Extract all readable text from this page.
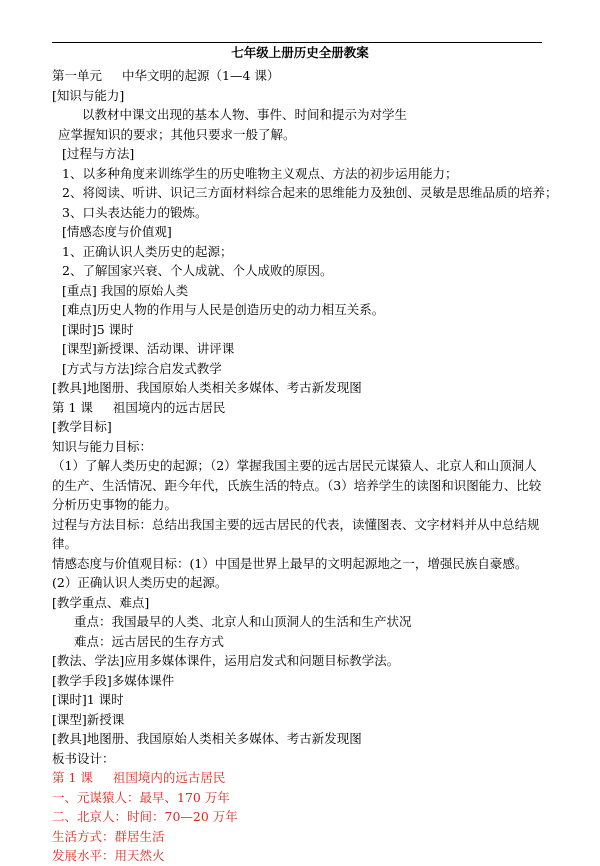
七年级上册历史全册教案
第一单元 中华文明的起源（1—4 课）
[知识与能力]
以教材中课文出现的基本人物、事件、时间和提示为对学生
应掌握知识的要求；其他只要求一般了解。
[过程与方法]
1、以多种角度来训练学生的历史唯物主义观点、方法的初步运用能力；
2、将阅读、听讲、识记三方面材料综合起来的思维能力及独创、灵敏是思维品质的培养；
3、口头表达能力的锻炼。
[情感态度与价值观]
1、正确认识人类历史的起源；
2、了解国家兴衰、个人成就、个人成败的原因。
[重点] 我国的原始人类
[难点]历史人物的作用与人民是创造历史的动力相互关系。
[课时]5 课时
[课型]新授课、活动课、讲评课
[方式与方法]综合启发式教学
[教具]地图册、我国原始人类相关多媒体、考古新发现图
第 1 课 祖国境内的远古居民
[教学目标]
知识与能力目标：
（1）了解人类历史的起源；（2）掌握我国主要的远古居民元谋猿人、北京人和山顶洞人的生产、生活情况、距今年代，氏族生活的特点。（3）培养学生的读图和识图能力、比较分析历史事物的能力。
过程与方法目标：总结出我国主要的远古居民的代表，读懂图表、文字材料并从中总结规律。
情感态度与价值观目标：(1）中国是世界上最早的文明起源地之一，增强民族自豪感。(2）正确认识人类历史的起源。
[教学重点、难点]
重点：我国最早的人类、北京人和山顶洞人的生活和生产状况
难点：远古居民的生存方式
[教法、学法]应用多媒体课件，运用启发式和问题目标教学法。
[教学手段]多媒体课件
[课时]1 课时
[课型]新授课
[教具]地图册、我国原始人类相关多媒体、考古新发现图
板书设计：
第 1 课 祖国境内的远古居民
一、元谋猿人：最早、170 万年
二、北京人：时间：70—20 万年
生活方式：群居生活
发展水平：用天然火
